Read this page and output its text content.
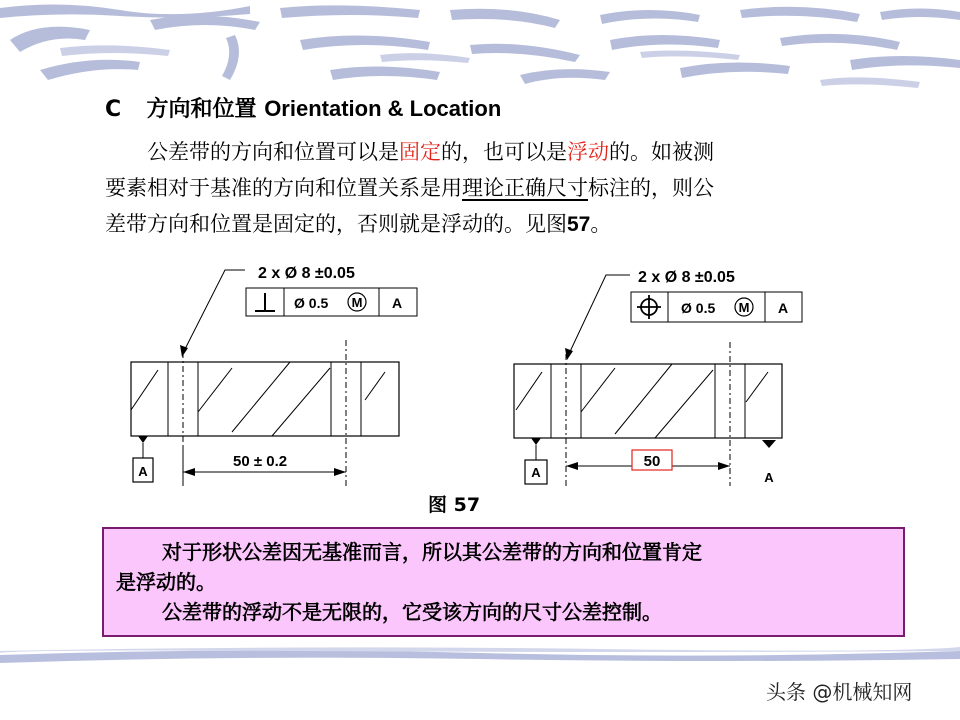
C 方向和位置 Orientation & Location
公差带的方向和位置可以是固定的，也可以是浮动的。如被测
要素相对于基准的方向和位置关系是用理论正确尺寸标注的，则公
差带方向和位置是固定的，否则就是浮动的。见图57。
2 x Ø 8 ±0.05
Ø 0.5 M A
A
50 ± 0.2
2 x Ø 8 ±0.05
Ø 0.5 M A
A
50
A
图 57
对于形状公差因无基准而言，所以其公差带的方向和位置肯定
是浮动的。
公差带的浮动不是无限的，它受该方向的尺寸公差控制。
头条 @机械知网
